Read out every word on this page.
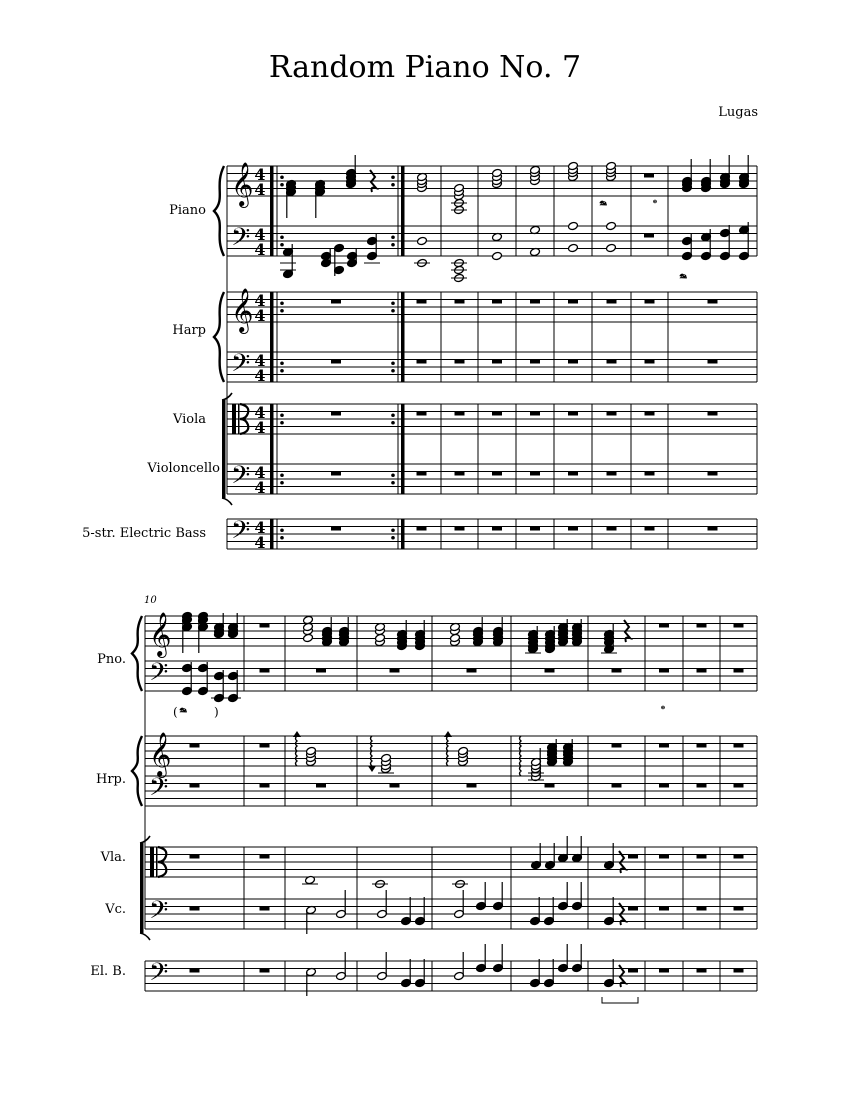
Random Piano No. 7
Lugas
Piano
Harp
Viola
Violoncello
5-str. Electric Bass
10
Pno.
Hrp.
Vla.
Vc.
El. B.
𝄞 4
4
𝄢 4
4
𝄞 4
4
𝄢 4
4
4
4
𝄢 4
4
𝄢 4
4
𝆮	𝆯
𝆮
𝄞
𝄢
𝄞
𝄢
𝄢
𝄢
( 𝆮 )	𝆯
